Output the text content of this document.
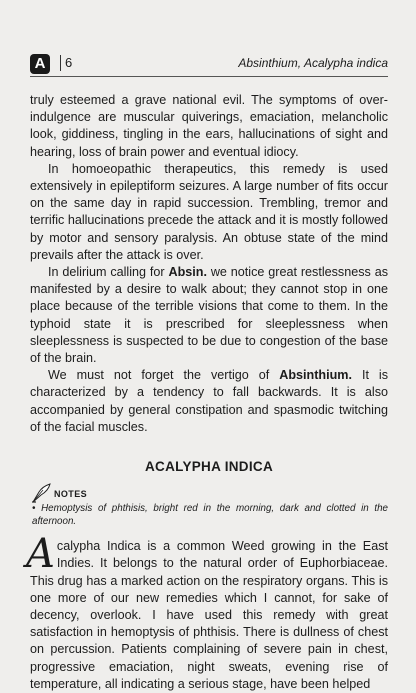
A	6	Absinthium, Acalypha indica

truly esteemed a grave national evil. The symptoms of over-indulgence are muscular quiverings, emaciation, melancholic look, giddiness, tingling in the ears, hallucinations of sight and hearing, loss of brain power and eventual idiocy.

In homoeopathic therapeutics, this remedy is used extensively in epileptiform seizures. A large number of fits occur on the same day in rapid succession. Trembling, tremor and terrific hallucinations precede the attack and it is mostly followed by motor and sensory paralysis. An obtuse state of the mind prevails after the attack is over.

In delirium calling for Absin. we notice great restlessness as manifested by a desire to walk about; they cannot stop in one place because of the terrible visions that come to them. In the typhoid state it is prescribed for sleeplessness when sleeplessness is suspected to be due to congestion of the base of the brain.

We must not forget the vertigo of Absinthium. It is characterized by a tendency to fall backwards. It is also accompanied by general constipation and spasmodic twitching of the facial muscles.

ACALYPHA INDICA
NOTES
• Hemoptysis of phthisis, bright red in the morning, dark and clotted in the afternoon.

Acalypha Indica is a common Weed growing in the East Indies. It belongs to the natural order of Euphorbiaceae. This drug has a marked action on the respiratory organs. This is one more of our new remedies which I cannot, for sake of decency, overlook. I have used this remedy with great satisfaction in hemoptysis of phthisis. There is dullness of chest on percussion. Patients complaining of severe pain in chest, progressive emaciation, night sweats, evening rise of temperature, all indicating a serious stage, have been helped
